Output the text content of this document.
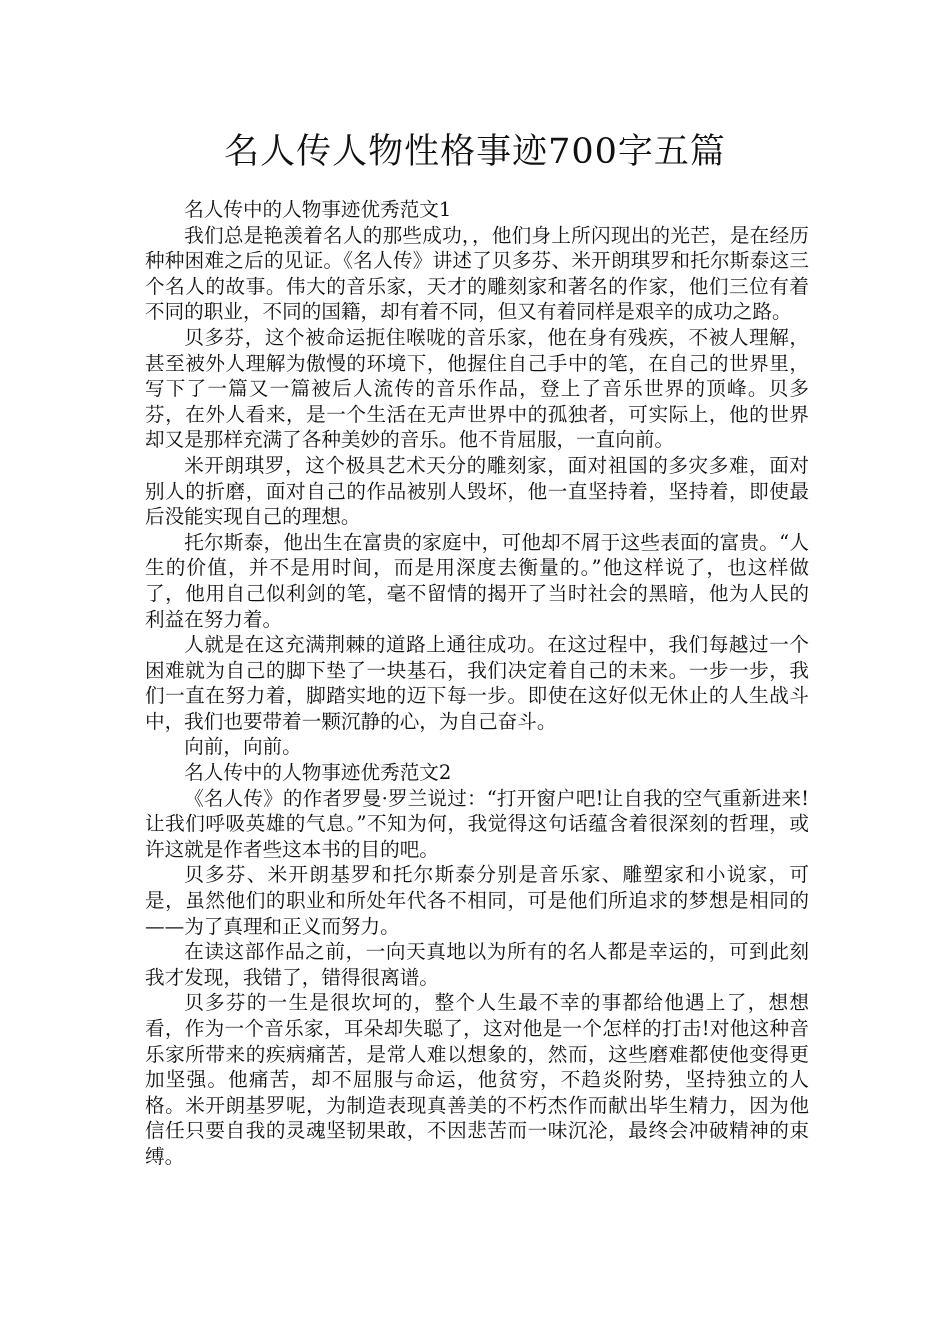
名人传人物性格事迹700字五篇

名人传中的人物事迹优秀范文1

我们总是艳羡着名人的那些成功，，他们身上所闪现出的光芒，是在经历种种困难之后的见证。《名人传》讲述了贝多芬、米开朗琪罗和托尔斯泰这三个名人的故事。伟大的音乐家，天才的雕刻家和著名的作家，他们三位有着不同的职业，不同的国籍，却有着不同，但又有着同样是艰辛的成功之路。

贝多芬，这个被命运扼住喉咙的音乐家，他在身有残疾，不被人理解，甚至被外人理解为傲慢的环境下，他握住自己手中的笔，在自己的世界里，写下了一篇又一篇被后人流传的音乐作品，登上了音乐世界的顶峰。贝多芬，在外人看来，是一个生活在无声世界中的孤独者，可实际上，他的世界却又是那样充满了各种美妙的音乐。他不肯屈服，一直向前。

米开朗琪罗，这个极具艺术天分的雕刻家，面对祖国的多灾多难，面对别人的折磨，面对自己的作品被别人毁坏，他一直坚持着，坚持着，即使最后没能实现自己的理想。

托尔斯泰，他出生在富贵的家庭中，可他却不屑于这些表面的富贵。“人生的价值，并不是用时间，而是用深度去衡量的。”他这样说了，也这样做了，他用自己似利剑的笔，毫不留情的揭开了当时社会的黑暗，他为人民的利益在努力着。

人就是在这充满荆棘的道路上通往成功。在这过程中，我们每越过一个困难就为自己的脚下垫了一块基石，我们决定着自己的未来。一步一步，我们一直在努力着，脚踏实地的迈下每一步。即使在这好似无休止的人生战斗中，我们也要带着一颗沉静的心，为自己奋斗。

向前，向前。

名人传中的人物事迹优秀范文2

《名人传》的作者罗曼·罗兰说过：“打开窗户吧!让自我的空气重新进来!让我们呼吸英雄的气息。”不知为何，我觉得这句话蕴含着很深刻的哲理，或许这就是作者些这本书的目的吧。

贝多芬、米开朗基罗和托尔斯泰分别是音乐家、雕塑家和小说家，可是，虽然他们的职业和所处年代各不相同，可是他们所追求的梦想是相同的——为了真理和正义而努力。

在读这部作品之前，一向天真地以为所有的名人都是幸运的，可到此刻我才发现，我错了，错得很离谱。

贝多芬的一生是很坎坷的，整个人生最不幸的事都给他遇上了，想想看，作为一个音乐家，耳朵却失聪了，这对他是一个怎样的打击!对他这种音乐家所带来的疾病痛苦，是常人难以想象的，然而，这些磨难都使他变得更加坚强。他痛苦，却不屈服与命运，他贫穷，不趋炎附势，坚持独立的人格。米开朗基罗呢，为制造表现真善美的不朽杰作而献出毕生精力，因为他信任只要自我的灵魂坚韧果敢，不因悲苦而一味沉沦，最终会冲破精神的束缚。
